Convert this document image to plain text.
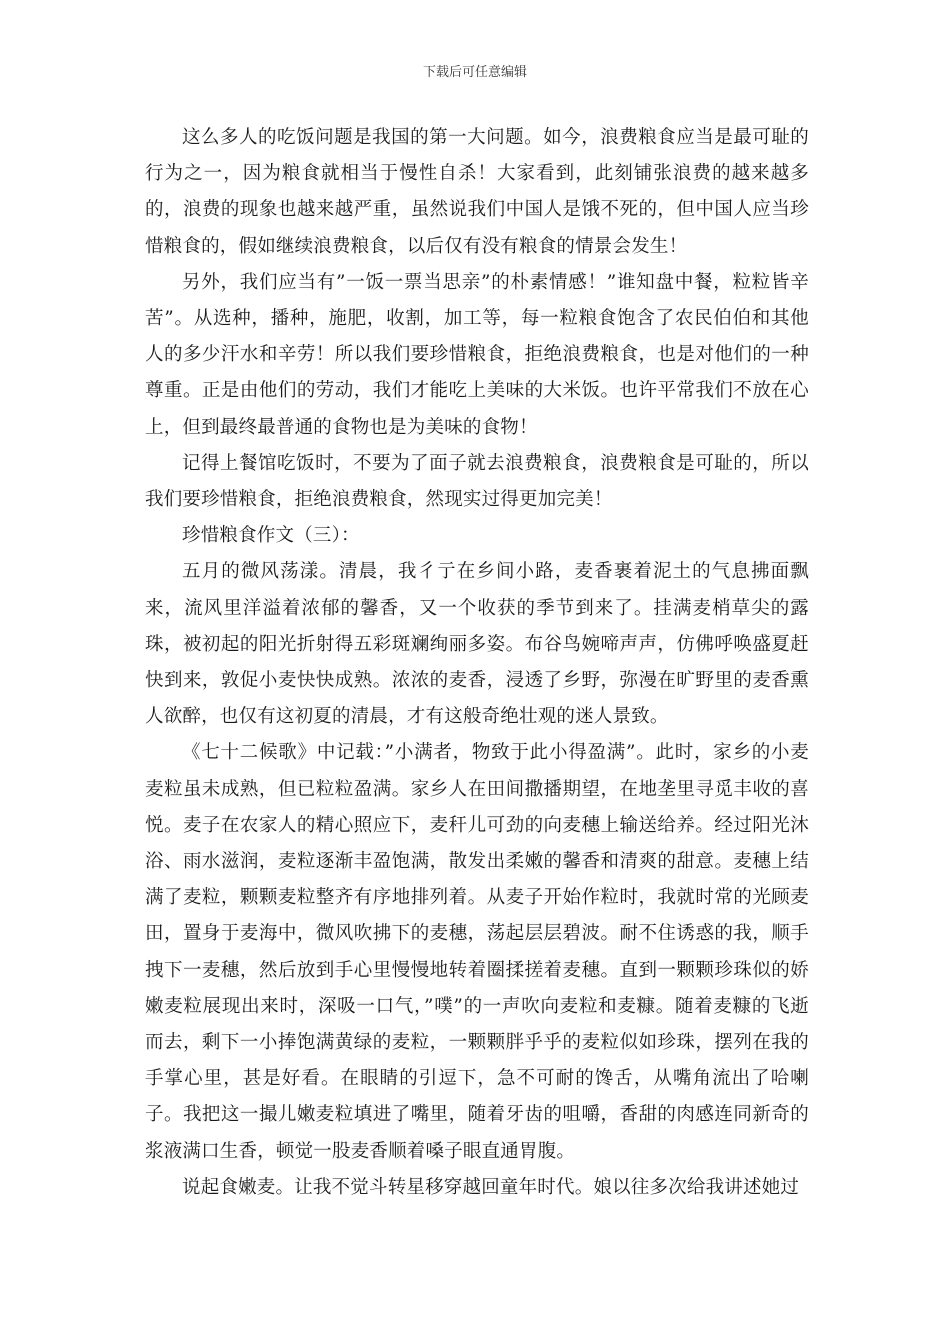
下载后可任意编辑

这么多人的吃饭问题是我国的第一大问题。如今，浪费粮食应当是最可耻的行为之一，因为粮食就相当于慢性自杀！大家看到，此刻铺张浪费的越来越多的，浪费的现象也越来越严重，虽然说我们中国人是饿不死的，但中国人应当珍惜粮食的，假如继续浪费粮食，以后仅有没有粮食的情景会发生！

另外，我们应当有”一饭一票当思亲”的朴素情感！”谁知盘中餐，粒粒皆辛苦”。从选种，播种，施肥，收割，加工等，每一粒粮食饱含了农民伯伯和其他人的多少汗水和辛劳！所以我们要珍惜粮食，拒绝浪费粮食，也是对他们的一种尊重。正是由他们的劳动，我们才能吃上美味的大米饭。也许平常我们不放在心上，但到最终最普通的食物也是为美味的食物！

记得上餐馆吃饭时，不要为了面子就去浪费粮食，浪费粮食是可耻的，所以我们要珍惜粮食，拒绝浪费粮食，然现实过得更加完美！

珍惜粮食作文（三）：

五月的微风荡漾。清晨，我彳亍在乡间小路，麦香裹着泥土的气息拂面飘来，流风里洋溢着浓郁的馨香，又一个收获的季节到来了。挂满麦梢草尖的露珠，被初起的阳光折射得五彩斑斓绚丽多姿。布谷鸟婉啼声声，仿佛呼唤盛夏赶快到来，敦促小麦快快成熟。浓浓的麦香，浸透了乡野，弥漫在旷野里的麦香熏人欲醉，也仅有这初夏的清晨，才有这般奇绝壮观的迷人景致。

《七十二候歌》中记载：”小满者，物致于此小得盈满”。此时，家乡的小麦麦粒虽未成熟，但已粒粒盈满。家乡人在田间撒播期望，在地垄里寻觅丰收的喜悦。麦子在农家人的精心照应下，麦秆儿可劲的向麦穗上输送给养。经过阳光沐浴、雨水滋润，麦粒逐渐丰盈饱满，散发出柔嫩的馨香和清爽的甜意。麦穗上结满了麦粒，颗颗麦粒整齐有序地排列着。从麦子开始作粒时，我就时常的光顾麦田，置身于麦海中，微风吹拂下的麦穗，荡起层层碧波。耐不住诱惑的我，顺手拽下一麦穗，然后放到手心里慢慢地转着圈揉搓着麦穗。直到一颗颗珍珠似的娇嫩麦粒展现出来时，深吸一口气，”噗”的一声吹向麦粒和麦糠。随着麦糠的飞逝而去，剩下一小捧饱满黄绿的麦粒，一颗颗胖乎乎的麦粒似如珍珠，摆列在我的手掌心里，甚是好看。在眼睛的引逗下，急不可耐的馋舌，从嘴角流出了哈喇子。我把这一撮儿嫩麦粒填进了嘴里，随着牙齿的咀嚼，香甜的肉感连同新奇的浆液满口生香，顿觉一股麦香顺着嗓子眼直通胃腹。

说起食嫩麦。让我不觉斗转星移穿越回童年时代。娘以往多次给我讲述她过
